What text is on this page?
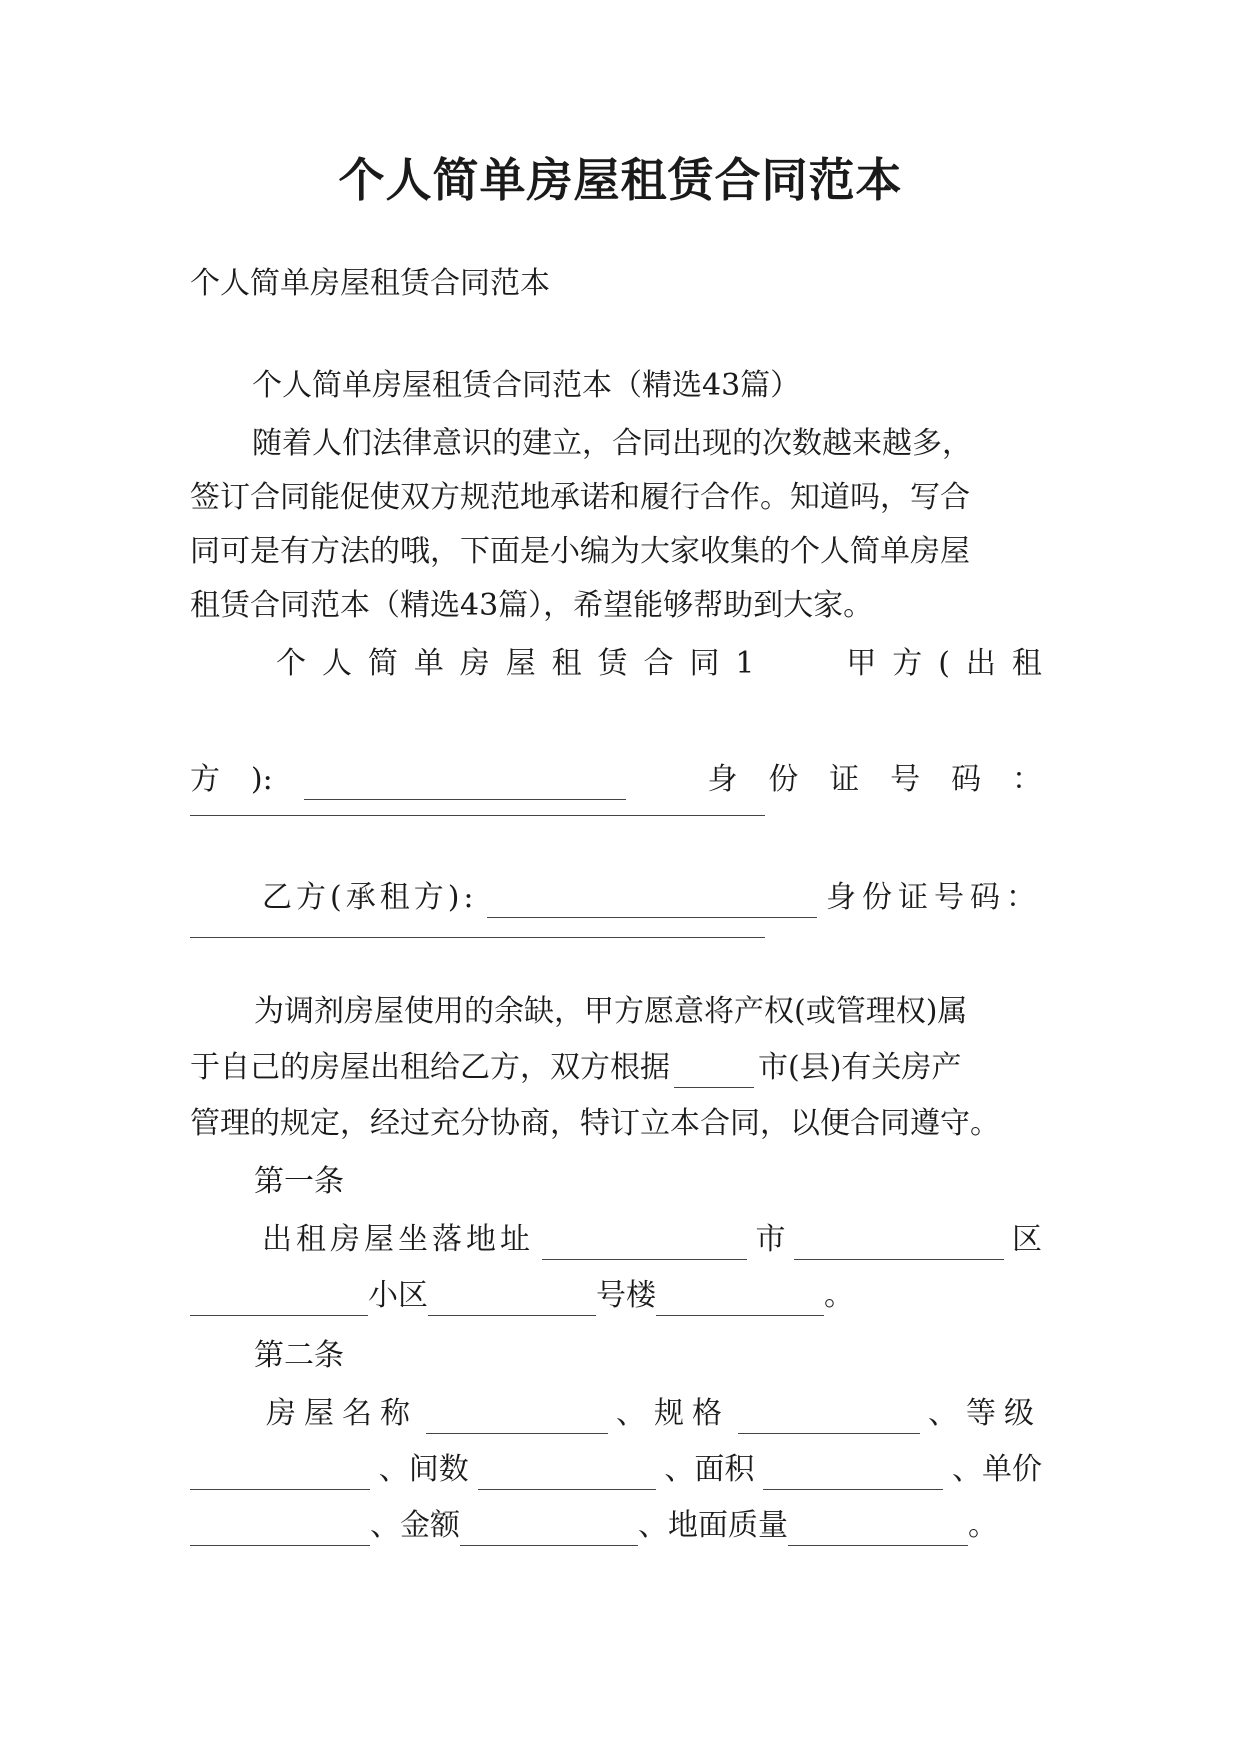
个人简单房屋租赁合同范本

个人简单房屋租赁合同范本

个人简单房屋租赁合同范本（精选43篇）

随着人们法律意识的建立，合同出现的次数越来越多，

签订合同能促使双方规范地承诺和履行合作。知道吗，写合

同可是有方法的哦，下面是小编为大家收集的个人简单房屋

租赁合同范本（精选43篇），希望能够帮助到大家。

个 人 简 单 房 屋 租 赁 合 同 1	甲 方 ( 出 租
方 ):	身 份 证 号 码 ：
乙方(承租方):	身份证号码：

为调剂房屋使用的余缺，甲方愿意将产权(或管理权)属

于自己的房屋出租给乙方，双方根据	市(县)有关房产

管理的规定，经过充分协商，特订立本合同，以便合同遵守。

第一条

出租房屋坐落地址	市	区
小区	号楼	。

第二条

房屋名称	、规格	、等级
、间数	、面积	、单价
、金额	、地面质量	。
